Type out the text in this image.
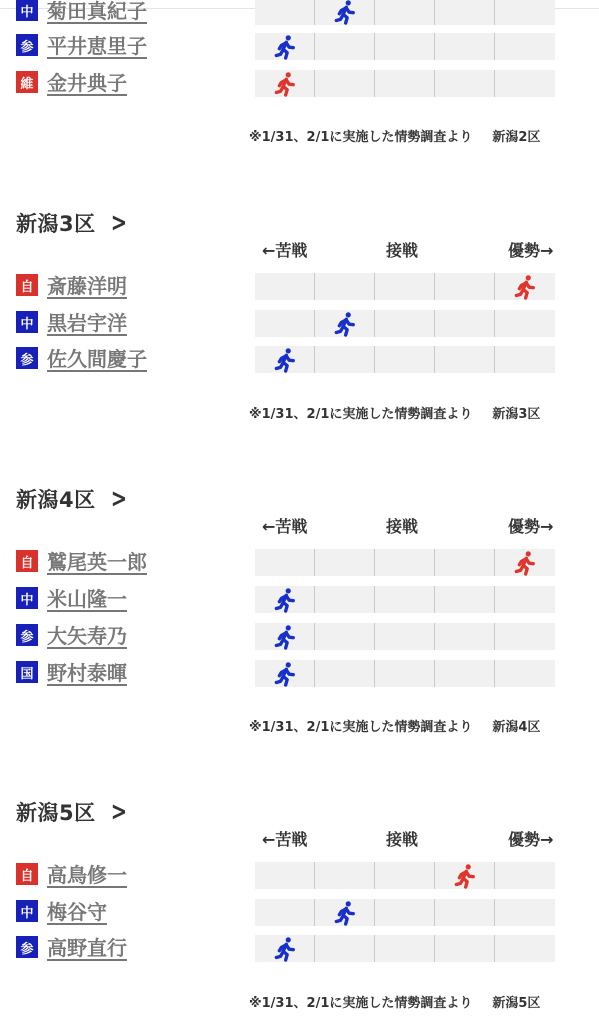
中 菊田真紀子
参 平井恵里子
維 金井典子
※1/31、2/1に実施した情勢調査より 新潟2区
新潟3区 >
←苦戦	接戦	優勢→
自 斎藤洋明
中 黒岩宇洋
参 佐久間慶子
※1/31、2/1に実施した情勢調査より 新潟3区
新潟4区 >
←苦戦	接戦	優勢→
自 鷲尾英一郎
中 米山隆一
参 大矢寿乃
国 野村泰暉
※1/31、2/1に実施した情勢調査より 新潟4区
新潟5区 >
←苦戦	接戦	優勢→
自 高鳥修一
中 梅谷守
参 高野直行
※1/31、2/1に実施した情勢調査より 新潟5区
